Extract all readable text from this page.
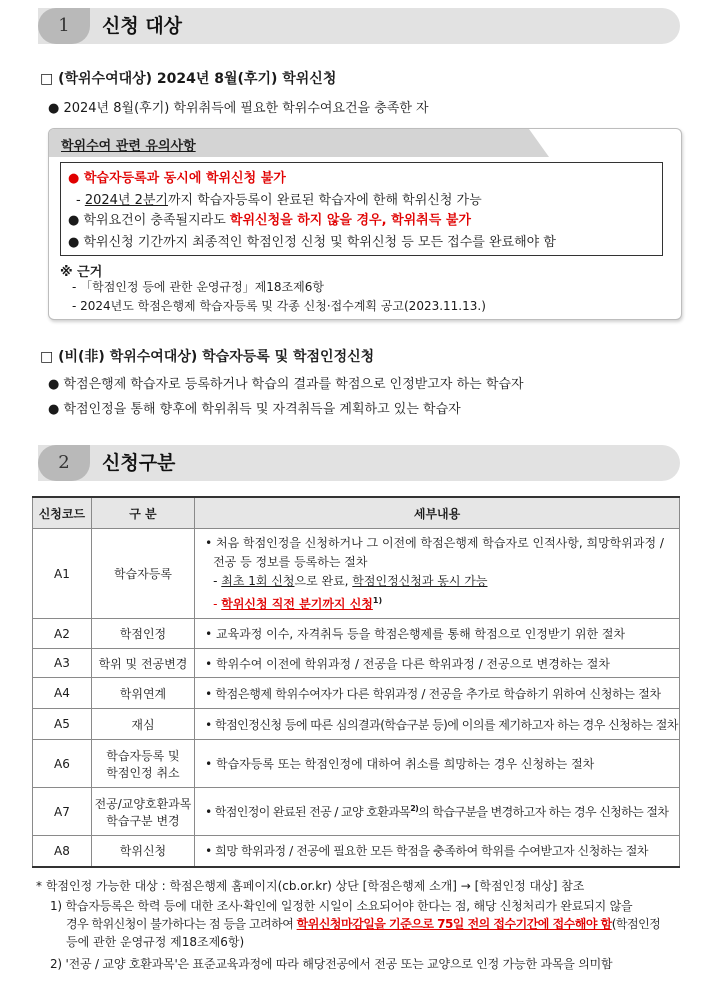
1	신청 대상
□ (학위수여대상) 2024년 8월(후기) 학위신청
● 2024년 8월(후기) 학위취득에 필요한 학위수여요건을 충족한 자
학위수여 관련 유의사항
● 학습자등록과 동시에 학위신청 불가
- 2024년 2분기까지 학습자등록이 완료된 학습자에 한해 학위신청 가능
● 학위요건이 충족될지라도 학위신청을 하지 않을 경우, 학위취득 불가
● 학위신청 기간까지 최종적인 학점인정 신청 및 학위신청 등 모든 접수를 완료해야 함
※ 근거
- 「학점인정 등에 관한 운영규정」제18조제6항
- 2024년도 학점은행제 학습자등록 및 각종 신청·접수계획 공고(2023.11.13.)
□ (비(非) 학위수여대상) 학습자등록 및 학점인정신청
● 학점은행제 학습자로 등록하거나 학습의 결과를 학점으로 인정받고자 하는 학습자
● 학점인정을 통해 향후에 학위취득 및 자격취득을 계획하고 있는 학습자
2	신청구분
신청코드	구 분	세부내용
A1	학습자등록	• 처음 학점인정을 신청하거나 그 이전에 학점은행제 학습자로 인적사항, 희망학위과정 /
전공 등 정보를 등록하는 절차
- 최초 1회 신청으로 완료, 학점인정신청과 동시 가능
- 학위신청 직전 분기까지 신청$^{1)}$

A2	학점인정	• 교육과정 이수, 자격취득 등을 학점은행제를 통해 학점으로 인정받기 위한 절차
A3	학위 및 전공변경	• 학위수여 이전에 학위과정 / 전공을 다른 학위과정 / 전공으로 변경하는 절차
A4	학위연계	• 학점은행제 학위수여자가 다른 학위과정 / 전공을 추가로 학습하기 위하여 신청하는 절차
A5	재심	• 학점인정신청 등에 따른 심의결과(학습구분 등)에 이의를 제기하고자 하는 경우 신청하는 절차
A6	학습자등록 및
학점인정 취소	• 학습자등록 또는 학점인정에 대하여 취소를 희망하는 경우 신청하는 절차
A7	전공/교양호환과목
학습구분 변경	• 학점인정이 완료된 전공 / 교양 호환과목$^{2)}$의 학습구분을 변경하고자 하는 경우 신청하는 절차
A8	학위신청	• 희망 학위과정 / 전공에 필요한 모든 학점을 충족하여 학위를 수여받고자 신청하는 절차
* 학점인정 가능한 대상 : 학점은행제 홈페이지(cb.or.kr) 상단 [학점은행제 소개] → [학점인정 대상] 참조
1) 학습자등록은 학력 등에 대한 조사·확인에 일정한 시일이 소요되어야 한다는 점, 해당 신청처리가 완료되지 않을
경우 학위신청이 불가하다는 점 등을 고려하여 학위신청마감일을 기준으로 75일 전의 접수기간에 접수해야 함(학점인정
등에 관한 운영규정 제18조제6항)
2) '전공 / 교양 호환과목'은 표준교육과정에 따라 해당전공에서 전공 또는 교양으로 인정 가능한 과목을 의미함
